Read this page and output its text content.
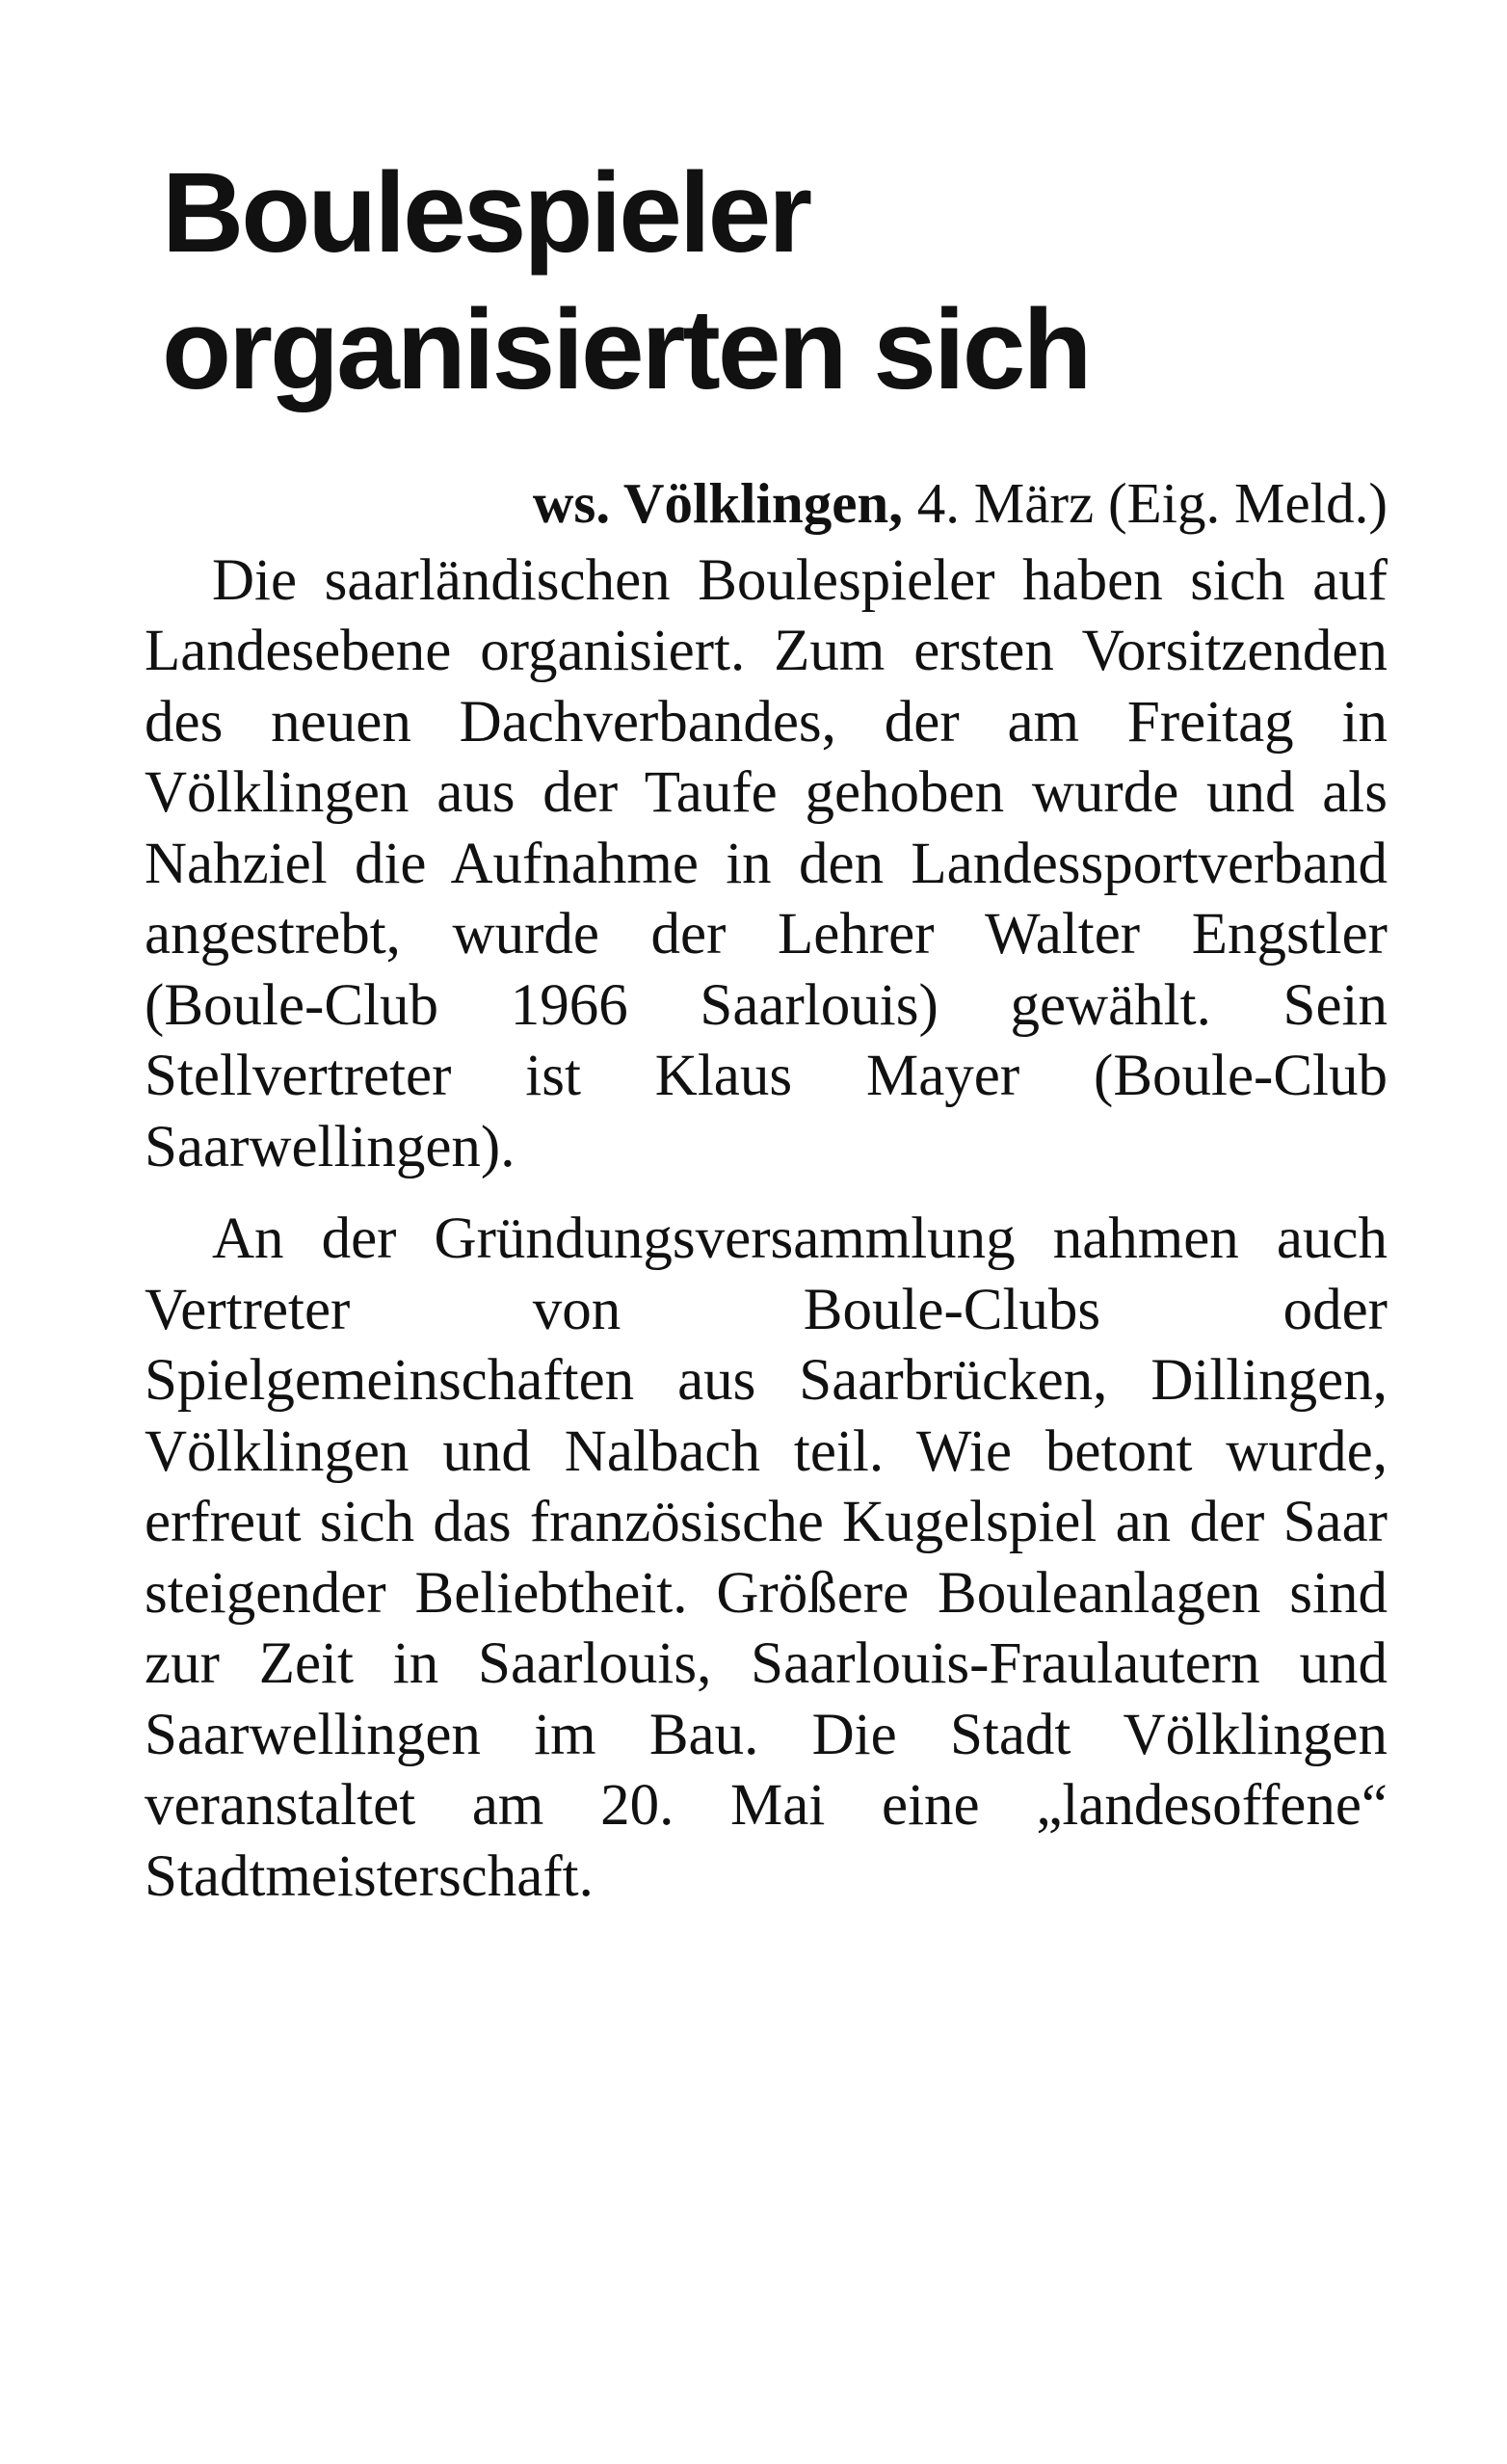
Boulespieler organisierten sich
ws. Völklingen, 4. März (Eig. Meld.)

Die saarländischen Boulespieler haben sich auf Landesebene organisiert. Zum ersten Vorsitzenden des neuen Dachverbandes, der am Freitag in Völklingen aus der Taufe gehoben wurde und als Nahziel die Aufnahme in den Landessportverband angestrebt, wurde der Lehrer Walter Engstler (Boule-Club 1966 Saarlouis) gewählt. Sein Stellvertreter ist Klaus Mayer (Boule-Club Saarwellingen).

An der Gründungsversammlung nahmen auch Vertreter von Boule-Clubs oder Spielgemeinschaften aus Saarbrücken, Dillingen, Völklingen und Nalbach teil. Wie betont wurde, erfreut sich das französische Kugelspiel an der Saar steigender Beliebtheit. Größere Bouleanlagen sind zur Zeit in Saarlouis, Saarlouis-Fraulautern und Saarwellingen im Bau. Die Stadt Völklingen veranstaltet am 20. Mai eine „landesoffene“ Stadtmeisterschaft.
